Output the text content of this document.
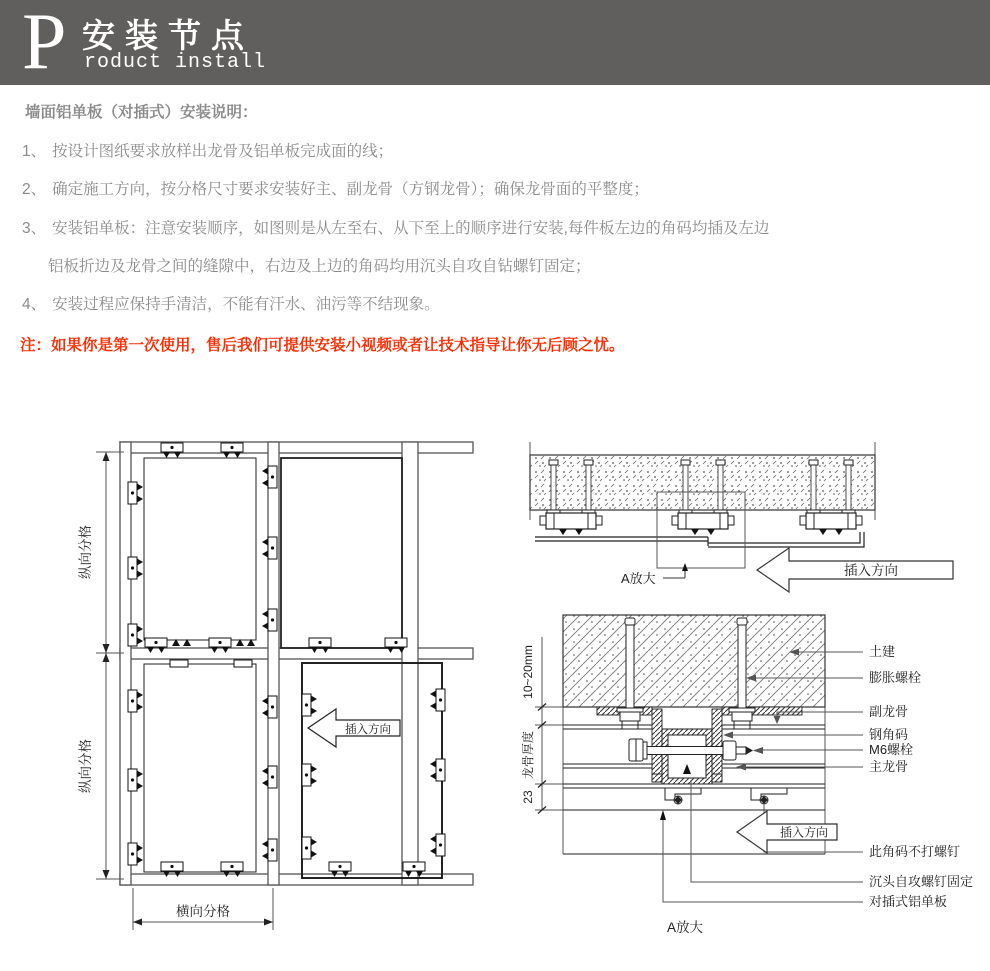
P 安装节点
roduct install
墙面铝单板（对插式）安装说明：
1、 按设计图纸要求放样出龙骨及铝单板完成面的线；
2、 确定施工方向，按分格尺寸要求安装好主、副龙骨（方钢龙骨）；确保龙骨面的平整度；
3、 安装铝单板：注意安装顺序，如图则是从左至右、从下至上的顺序进行安装,每件板左边的角码均插及左边
铝板折边及龙骨之间的缝隙中，右边及上边的角码均用沉头自攻自钻螺钉固定；
4、 安装过程应保持手清洁，不能有汗水、油污等不结现象。
注：如果你是第一次使用，售后我们可提供安装小视频或者让技术指导让你无后顾之忧。
纵向分格
纵向分格
横向分格
插入方向
A放大
插入方向
土建
膨胀螺栓
副龙骨
钢角码
M6螺栓
主龙骨
此角码不打螺钉
沉头自攻螺钉固定
对插式铝单板
10~20mm
龙骨厚度
23
插入方向
A放大
